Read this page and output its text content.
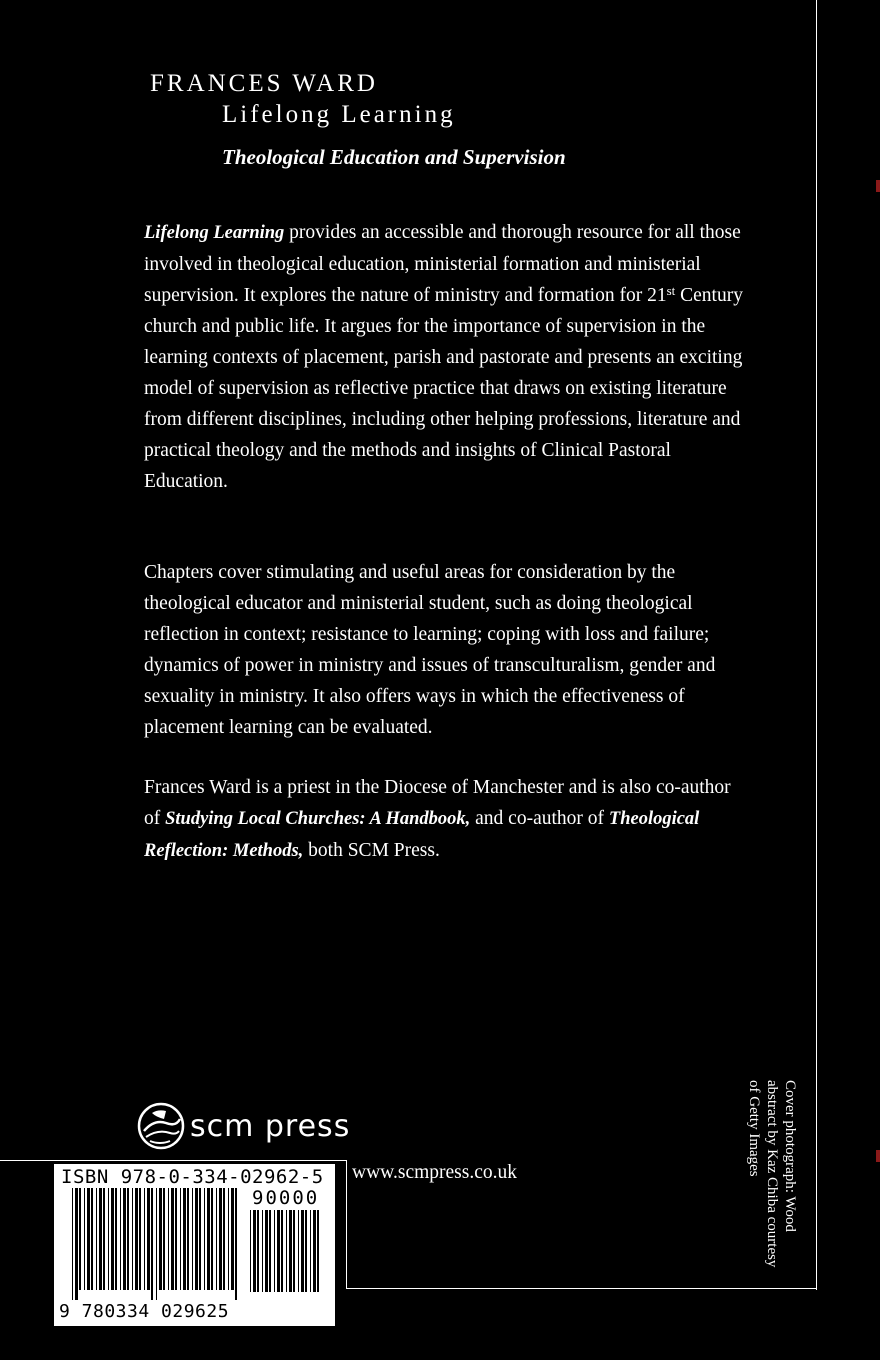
FRANCES WARD
Lifelong Learning
Theological Education and Supervision

Lifelong Learning provides an accessible and thorough resource for all those involved in theological education, ministerial formation and ministerial supervision. It explores the nature of ministry and formation for 21st Century church and public life. It argues for the importance of supervision in the learning contexts of placement, parish and pastorate and presents an exciting model of supervision as reflective practice that draws on existing literature from different disciplines, including other helping professions, literature and practical theology and the methods and insights of Clinical Pastoral Education.

Chapters cover stimulating and useful areas for consideration by the theological educator and ministerial student, such as doing theological reflection in context; resistance to learning; coping with loss and failure; dynamics of power in ministry and issues of transculturalism, gender and sexuality in ministry. It also offers ways in which the effectiveness of placement learning can be evaluated.

Frances Ward is a priest in the Diocese of Manchester and is also co-author of Studying Local Churches: A Handbook, and co-author of Theological Reflection: Methods, both SCM Press.

scm press
www.scmpress.co.uk	Cover photograph: Wood abstract by Kaz Chiba courtesy of Getty Images
ISBN 978-0-334-02962-5
90000
9 780334 029625
